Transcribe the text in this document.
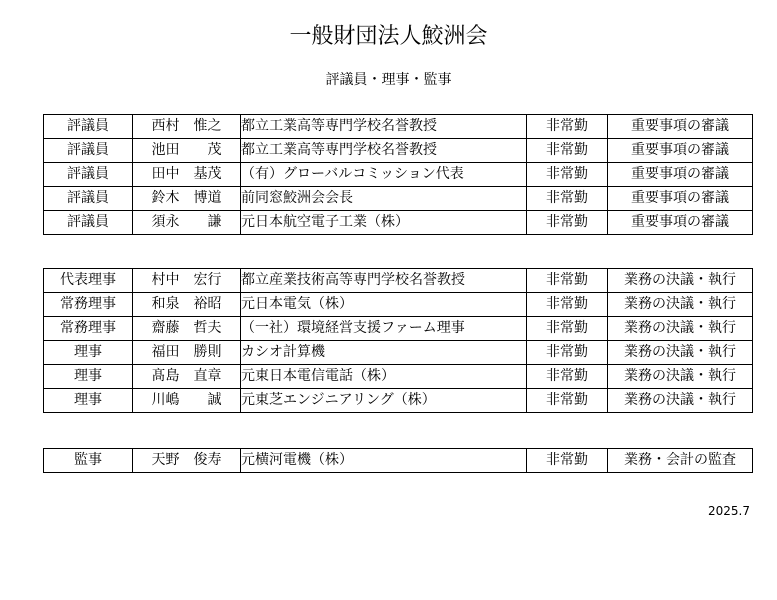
一般財団法人鮫洲会
評議員・理事・監事
評議員	西村　惟之	都立工業高等専門学校名誉教授	非常勤	重要事項の審議
評議員	池田　　茂	都立工業高等専門学校名誉教授	非常勤	重要事項の審議
評議員	田中　基茂	（有）グローバルコミッション代表	非常勤	重要事項の審議
評議員	鈴木　博道	前同窓鮫洲会会長	非常勤	重要事項の審議
評議員	須永　　謙	元日本航空電子工業（株）	非常勤	重要事項の審議
代表理事	村中　宏行	都立産業技術高等専門学校名誉教授	非常勤	業務の決議・執行
常務理事	和泉　裕昭	元日本電気（株）	非常勤	業務の決議・執行
常務理事	齋藤　哲夫	（一社）環境経営支援ファーム理事	非常勤	業務の決議・執行
理事	福田　勝則	カシオ計算機	非常勤	業務の決議・執行
理事	髙島　直章	元東日本電信電話（株）	非常勤	業務の決議・執行
理事	川嶋　　誠	元東芝エンジニアリング（株）	非常勤	業務の決議・執行
監事	天野　俊寿	元横河電機（株）	非常勤	業務・会計の監査
2025.7
